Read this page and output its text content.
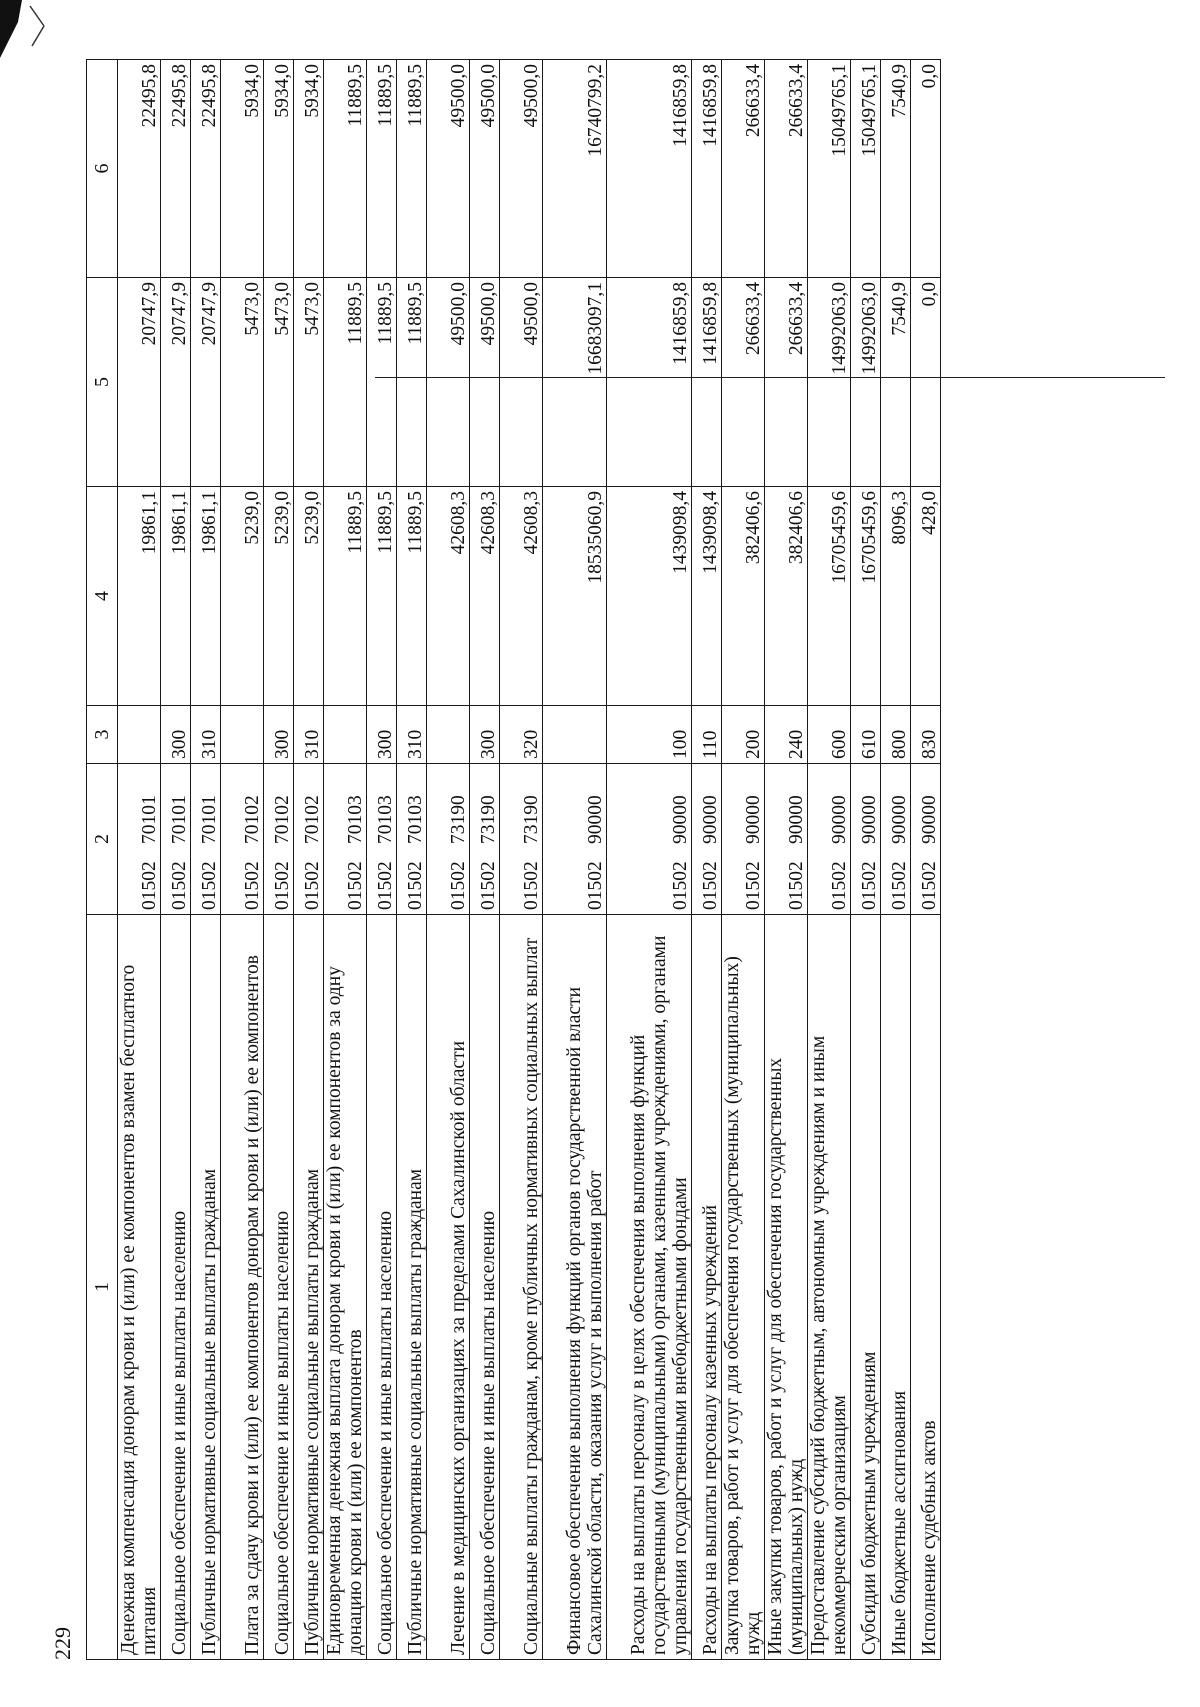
229
1	2	3	4	5	6
Денежная компенсация донорам крови и (или) ее компонентов взамен бесплатного питания	0150270101		19861,1	20747,9	22495,8
Социальное обеспечение и иные выплаты населению	0150270101	300	19861,1	20747,9	22495,8
Публичные нормативные социальные выплаты гражданам	0150270101	310	19861,1	20747,9	22495,8
Плата за сдачу крови и (или) ее компонентов донорам крови и (или) ее компонентов	0150270102		5239,0	5473,0	5934,0
Социальное обеспечение и иные выплаты населению	0150270102	300	5239,0	5473,0	5934,0
Публичные нормативные социальные выплаты гражданам	0150270102	310	5239,0	5473,0	5934,0
Единовременная денежная выплата донорам крови и (или) ее компонентов за одну донацию крови и (или) ее компонентов	0150270103		11889,5	11889,5	11889,5
Социальное обеспечение и иные выплаты населению	0150270103	300	11889,5	11889,5	11889,5
Публичные нормативные социальные выплаты гражданам	0150270103	310	11889,5	11889,5	11889,5
Лечение в медицинских организациях за пределами Сахалинской области	0150273190		42608,3	49500,0	49500,0
Социальное обеспечение и иные выплаты населению	0150273190	300	42608,3	49500,0	49500,0
Социальные выплаты гражданам, кроме публичных нормативных социальных выплат	0150273190	320	42608,3	49500,0	49500,0
Финансовое обеспечение выполнения функций органов государственной власти Сахалинской области, оказания услуг и выполнения работ	0150290000		18535060,9	16683097,1	16740799,2
Расходы на выплаты персоналу в целях обеспечения выполнения функций государственными (муниципальными) органами, казенными учреждениями, органами управления государственными внебюджетными фондами	0150290000	100	1439098,4	1416859,8	1416859,8
Расходы на выплаты персоналу казенных учреждений	0150290000	110	1439098,4	1416859,8	1416859,8
Закупка товаров, работ и услуг для обеспечения государственных (муниципальных) нужд	0150290000	200	382406,6	266633,4	266633,4
Иные закупки товаров, работ и услуг для обеспечения государственных (муниципальных) нужд	0150290000	240	382406,6	266633,4	266633,4
Предоставление субсидий бюджетным, автономным учреждениям и иным некоммерческим организациям	0150290000	600	16705459,6	14992063,0	15049765,1
Субсидии бюджетным учреждениям	0150290000	610	16705459,6	14992063,0	15049765,1
Иные бюджетные ассигнования	0150290000	800	8096,3	7540,9	7540,9
Исполнение судебных актов	0150290000	830	428,0	0,0	0,0
